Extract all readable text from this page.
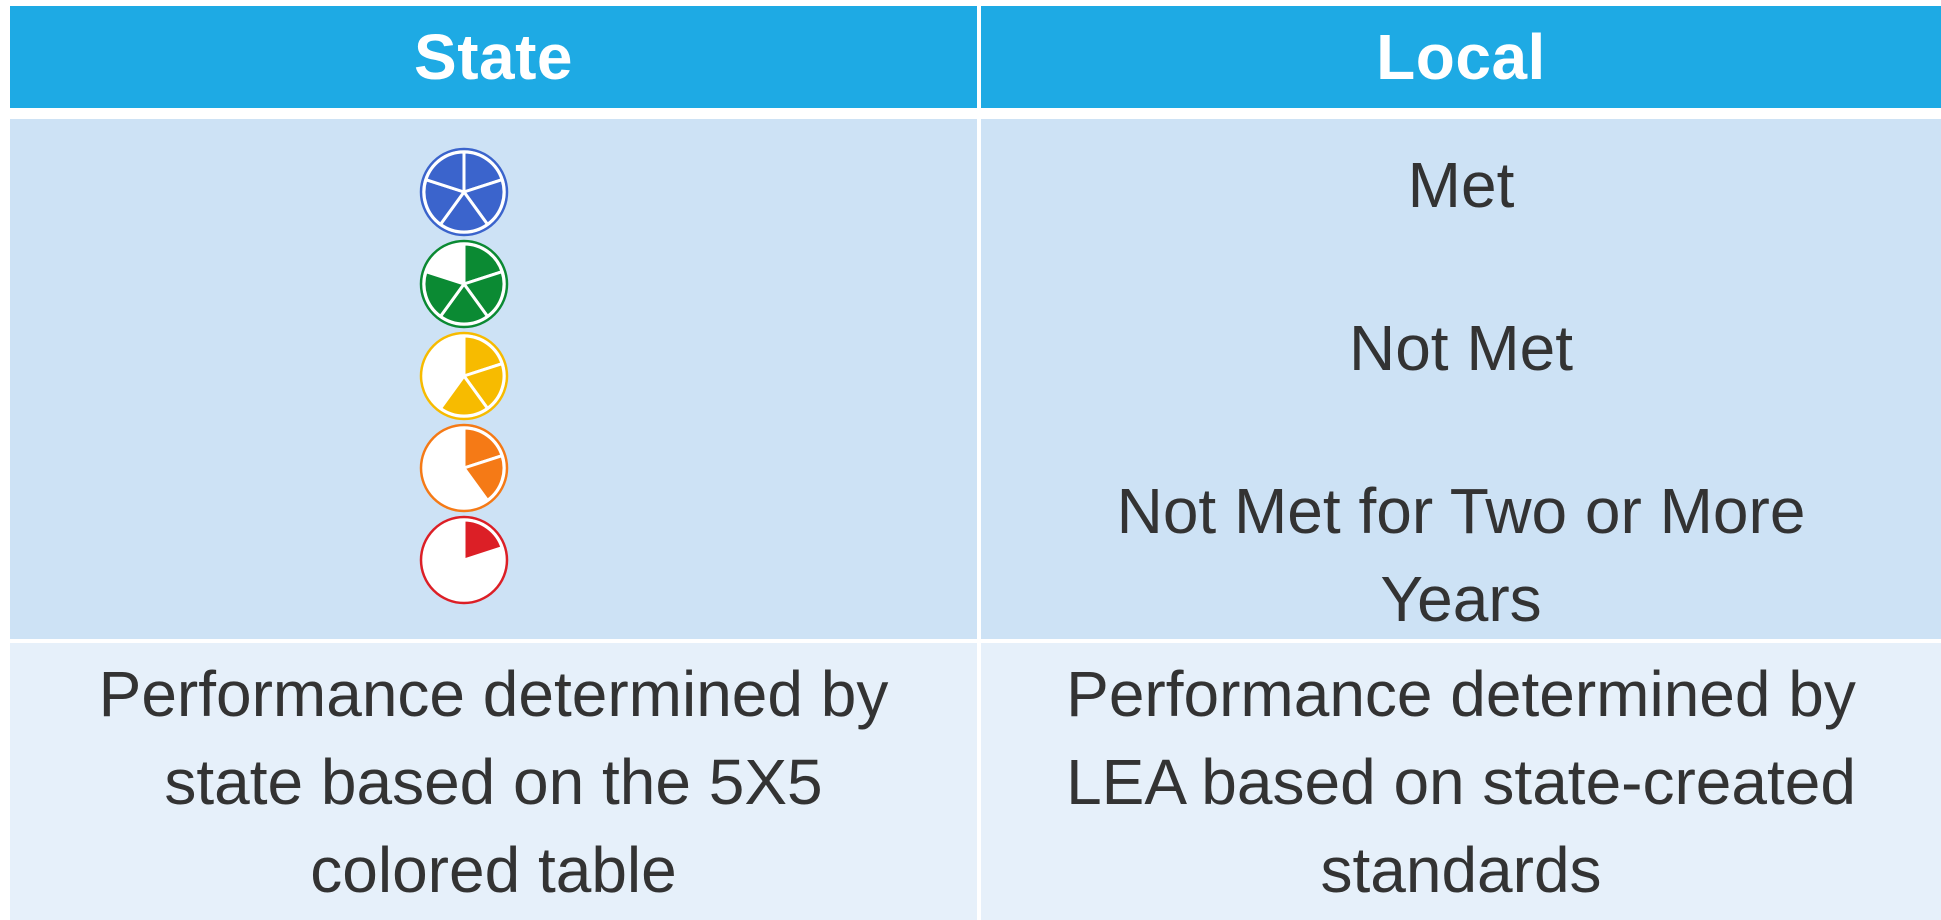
State	Local
Met
Not Met
Not Met for Two or More
Years
Performance determined by
state based on the 5X5
colored table
Performance determined by
LEA based on state-created
standards
